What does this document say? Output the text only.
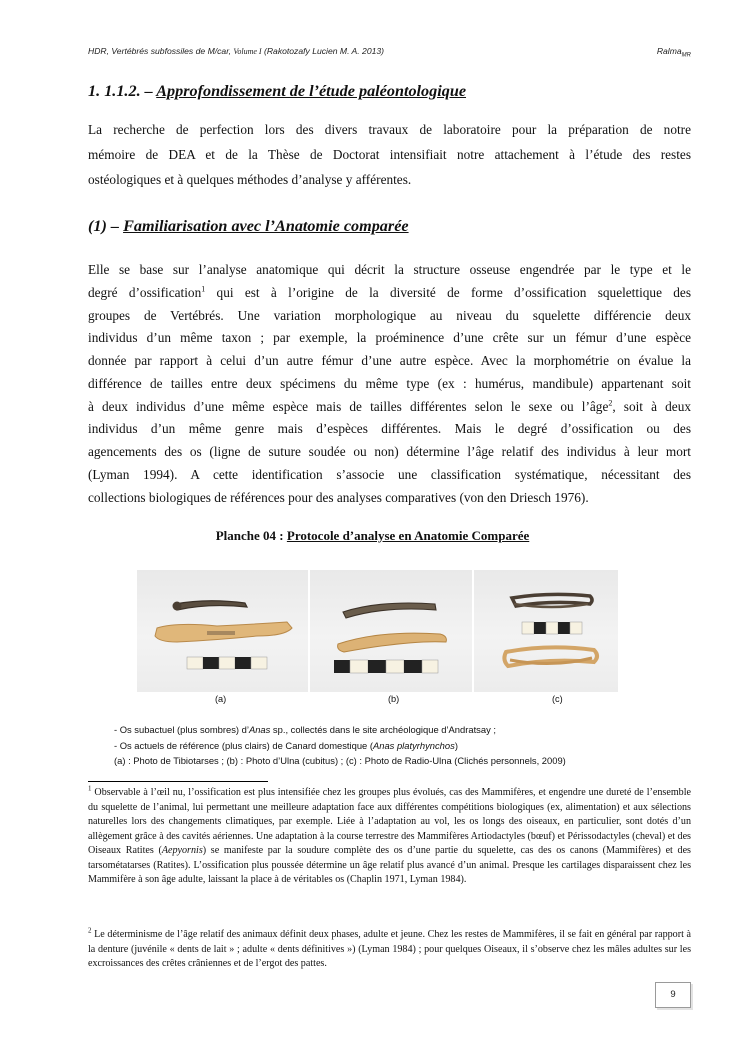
HDR, Vertébrés subfossiles de M/car, Volume I (Rakotozafy Lucien M. A. 2013)	Ralma$_{MR}$
1. 1.1.2. – Approfondissement de l’étude paléontologique
La recherche de perfection lors des divers travaux de laboratoire pour la préparation de notre
mémoire de DEA et de la Thèse de Doctorat intensifiait notre attachement à l’étude des restes
ostéologiques et à quelques méthodes d’analyse y afférentes.
(1) – Familiarisation avec l’Anatomie comparée
Elle se base sur l’analyse anatomique qui décrit la structure osseuse engendrée par le type et le
degré d’ossification$^1$ qui est à l’origine de la diversité de forme d’ossification squelettique des
groupes de Vertébrés. Une variation morphologique au niveau du squelette différencie deux
individus d’un même taxon ; par exemple, la proéminence d’une crête sur un fémur d’une espèce
donnée par rapport à celui d’un autre fémur d’une autre espèce. Avec la morphométrie on évalue la
différence de tailles entre deux spécimens du même type (ex : humérus, mandibule) appartenant soit
à deux individus d’une même espèce mais de tailles différentes selon le sexe ou l’âge$^2$, soit à deux
individus d’un même genre mais d’espèces différentes. Mais le degré d’ossification ou des
agencements des os (ligne de suture soudée ou non) détermine l’âge relatif des individus à leur mort
(Lyman 1994). A cette identification s’associe une classification systématique, nécessitant des
collections biologiques de références pour des analyses comparatives (von den Driesch 1976).
Planche 04 : Protocole d’analyse en Anatomie Comparée
(a)	(b)	(c)
- Os subactuel (plus sombres) d’Anas sp., collectés dans le site archéologique d’Andratsay ;
- Os actuels de référence (plus clairs) de Canard domestique (Anas platyrhynchos)
(a) : Photo de Tibiotarses ; (b) : Photo d’Ulna (cubitus) ; (c) : Photo de Radio-Ulna (Clichés personnels, 2009)
$^1$ Observable à l’œil nu, l’ossification est plus intensifiée chez les groupes plus évolués, cas des Mammifères, et engendre une dureté de l’ensemble du squelette de l’animal, lui permettant une meilleure adaptation face aux différentes compétitions biologiques (ex, alimentation) et aux sélections naturelles lors des changements climatiques, par exemple. Liée à l’adaptation au vol, les os longs des oiseaux, en particulier, sont dotés d’un allègement grâce à des cavités aériennes. Une adaptation à la course terrestre des Mammifères Artiodactyles (bœuf) et Périssodactyles (cheval) et des Oiseaux Ratites (Aepyornis) se manifeste par la soudure complète des os d’une partie du squelette, cas des os canons (Mammifères) et des tarsométatarses (Ratites). L’ossification plus poussée détermine un âge relatif plus avancé d’un animal. Presque les cartilages disparaissent chez les Mammifère à son âge adulte, laissant la place à de véritables os (Chaplin 1971, Lyman 1984).
$^2$ Le déterminisme de l’âge relatif des animaux définit deux phases, adulte et jeune. Chez les restes de Mammifères, il se fait en général par rapport à la denture (juvénile « dents de lait » ; adulte « dents définitives ») (Lyman 1984) ; pour quelques Oiseaux, il s’observe chez les mâles adultes sur les excroissances des crêtes crâniennes et de l’ergot des pattes.
9
